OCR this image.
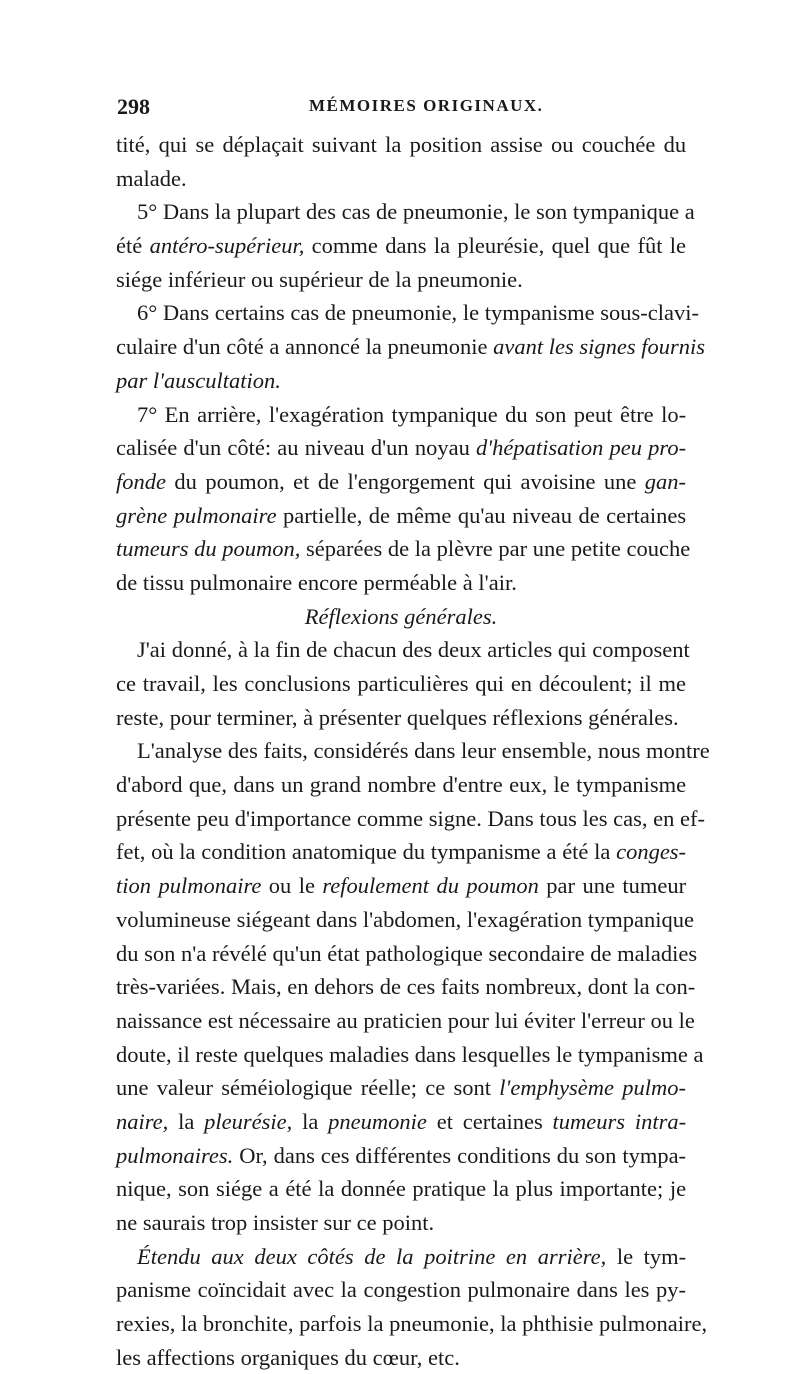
298	MÉMOIRES ORIGINAUX.
tité, qui se déplaçait suivant la position assise ou couchée du
malade.
5° Dans la plupart des cas de pneumonie, le son tympanique a
été antéro-supérieur, comme dans la pleurésie, quel que fût le
siége inférieur ou supérieur de la pneumonie.
6° Dans certains cas de pneumonie, le tympanisme sous-clavi-
culaire d'un côté a annoncé la pneumonie avant les signes fournis
par l'auscultation.
7° En arrière, l'exagération tympanique du son peut être lo-
calisée d'un côté: au niveau d'un noyau d'hépatisation peu pro-
fonde du poumon, et de l'engorgement qui avoisine une gan-
grène pulmonaire partielle, de même qu'au niveau de certaines
tumeurs du poumon, séparées de la plèvre par une petite couche
de tissu pulmonaire encore perméable à l'air.
Réflexions générales.
J'ai donné, à la fin de chacun des deux articles qui composent
ce travail, les conclusions particulières qui en découlent; il me
reste, pour terminer, à présenter quelques réflexions générales.
L'analyse des faits, considérés dans leur ensemble, nous montre
d'abord que, dans un grand nombre d'entre eux, le tympanisme
présente peu d'importance comme signe. Dans tous les cas, en ef-
fet, où la condition anatomique du tympanisme a été la conges-
tion pulmonaire ou le refoulement du poumon par une tumeur
volumineuse siégeant dans l'abdomen, l'exagération tympanique
du son n'a révélé qu'un état pathologique secondaire de maladies
très-variées. Mais, en dehors de ces faits nombreux, dont la con-
naissance est nécessaire au praticien pour lui éviter l'erreur ou le
doute, il reste quelques maladies dans lesquelles le tympanisme a
une valeur séméiologique réelle; ce sont l'emphysème pulmo-
naire, la pleurésie, la pneumonie et certaines tumeurs intra-
pulmonaires. Or, dans ces différentes conditions du son tympa-
nique, son siége a été la donnée pratique la plus importante; je
ne saurais trop insister sur ce point.
Étendu aux deux côtés de la poitrine en arrière, le tym-
panisme coïncidait avec la congestion pulmonaire dans les py-
rexies, la bronchite, parfois la pneumonie, la phthisie pulmonaire,
les affections organiques du cœur, etc.
